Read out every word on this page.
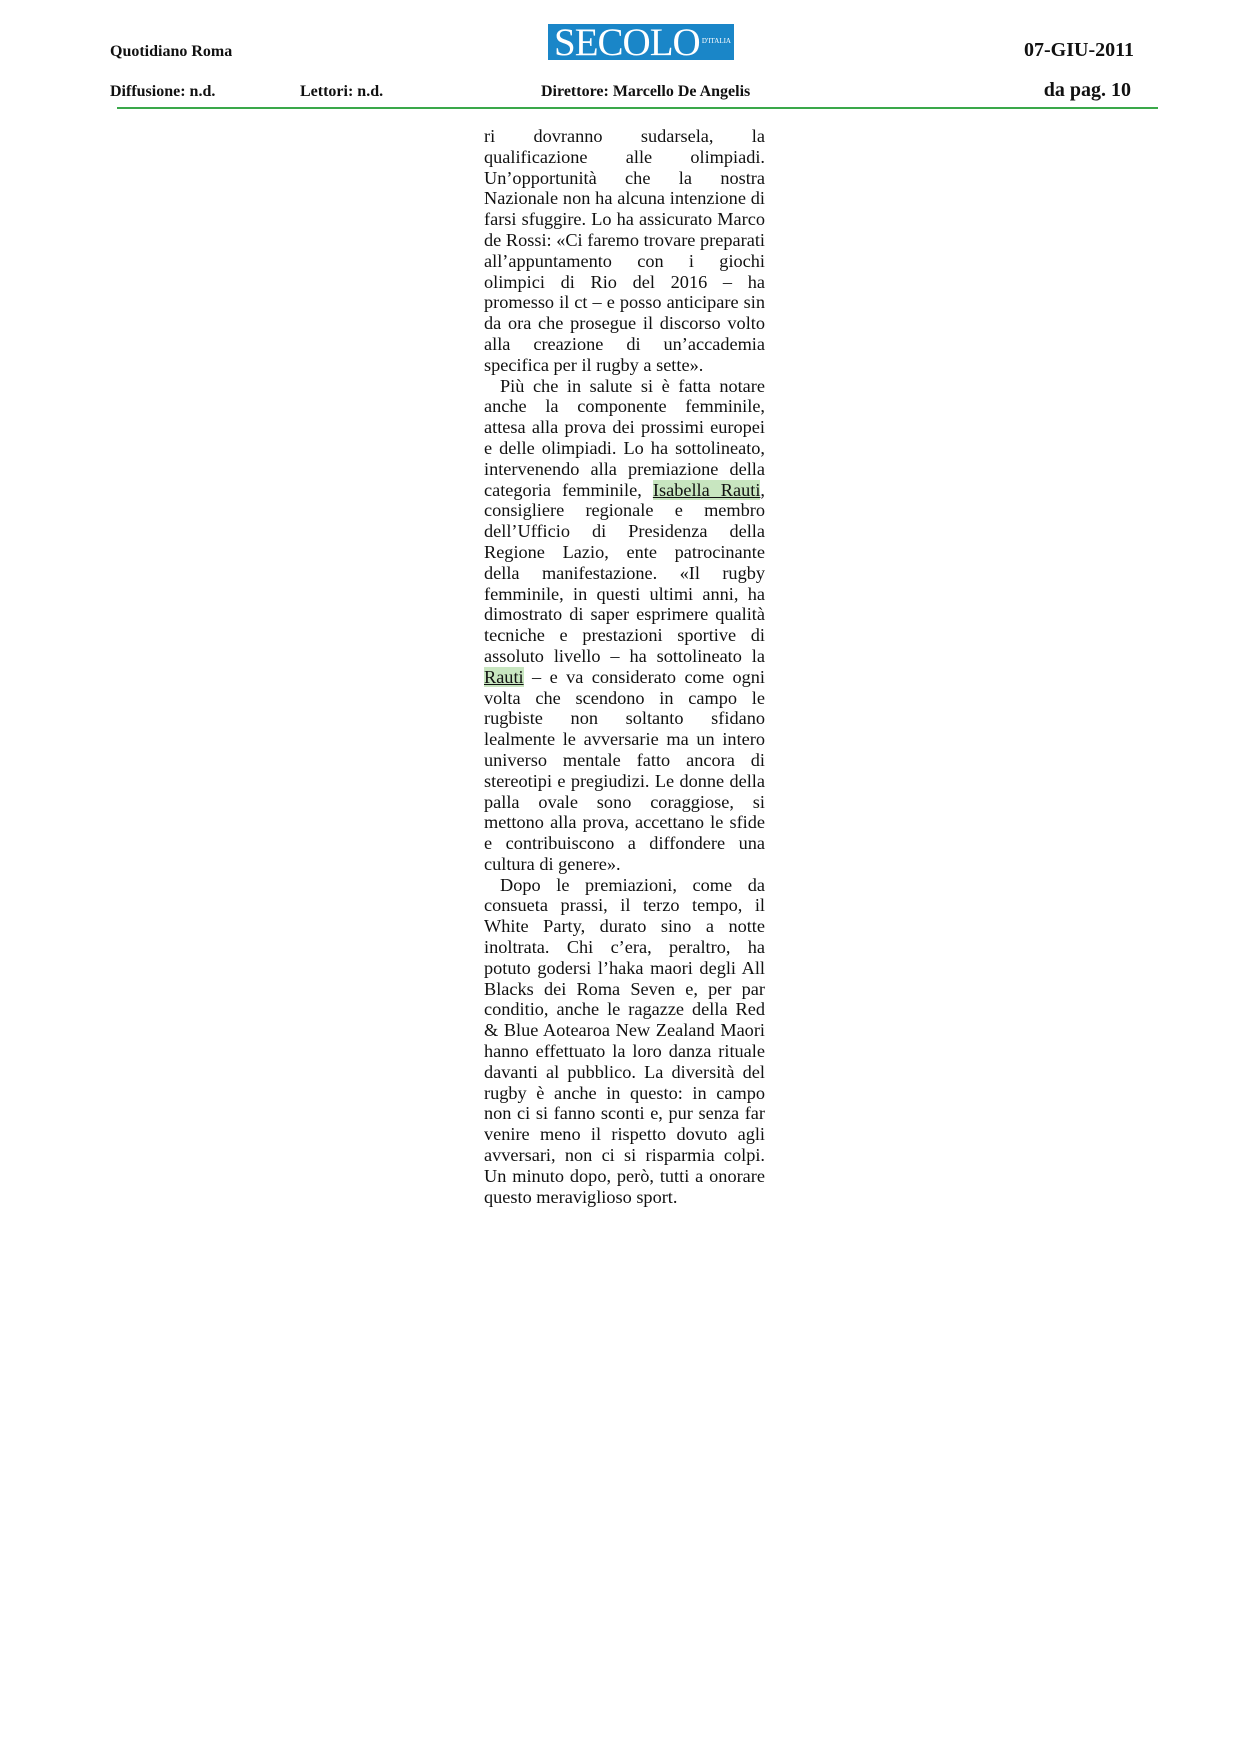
Quotidiano Roma	SECOLO D'ITALIA	07-GIU-2011
Diffusione: n.d.	Lettori: n.d.	Direttore: Marcello De Angelis	da pag. 10

ri dovranno sudarsela, la qualificazione alle olimpiadi. Un’opportunità che la nostra Nazionale non ha alcuna intenzione di farsi sfuggire. Lo ha assicurato Marco de Rossi: «Ci faremo trovare preparati all’appuntamento con i giochi olimpici di Rio del 2016 – ha promesso il ct – e posso anticipare sin da ora che prosegue il discorso volto alla creazione di un’accademia specifica per il rugby a sette».

Più che in salute si è fatta notare anche la componente femminile, attesa alla prova dei prossimi europei e delle olimpiadi. Lo ha sottolineato, intervenendo alla premiazione della categoria femminile, Isabella Rauti, consigliere regionale e membro dell’Ufficio di Presidenza della Regione Lazio, ente patrocinante della manifestazione. «Il rugby femminile, in questi ultimi anni, ha dimostrato di saper esprimere qualità tecniche e prestazioni sportive di assoluto livello – ha sottolineato la Rauti – e va considerato come ogni volta che scendono in campo le rugbiste non soltanto sfidano lealmente le avversarie ma un intero universo mentale fatto ancora di stereotipi e pregiudizi. Le donne della palla ovale sono coraggiose, si mettono alla prova, accettano le sfide e contribuiscono a diffondere una cultura di genere».

Dopo le premiazioni, come da consueta prassi, il terzo tempo, il White Party, durato sino a notte inoltrata. Chi c’era, peraltro, ha potuto godersi l’haka maori degli All Blacks dei Roma Seven e, per par conditio, anche le ragazze della Red & Blue Aotearoa New Zealand Maori hanno effettuato la loro danza rituale davanti al pubblico. La diversità del rugby è anche in questo: in campo non ci si fanno sconti e, pur senza far venire meno il rispetto dovuto agli avversari, non ci si risparmia colpi. Un minuto dopo, però, tutti a onorare questo meraviglioso sport.
